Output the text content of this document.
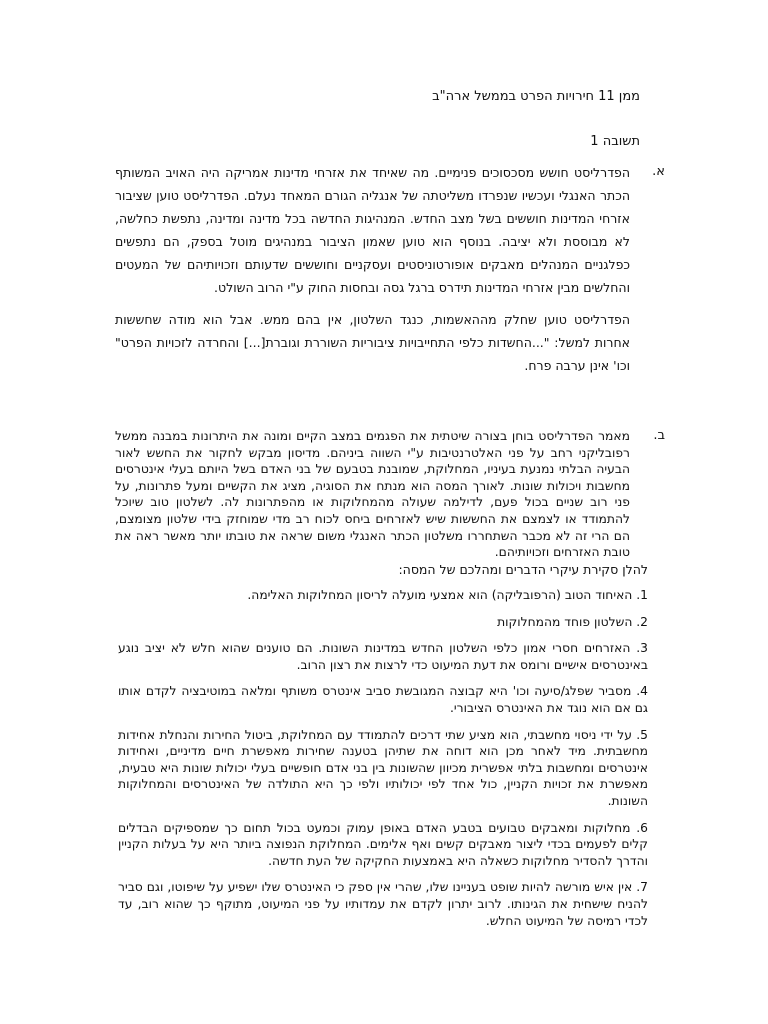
ממן 11 חירויות הפרט בממשל ארה"ב
תשובה 1
א.

הפדרליסט חושש מסכסוכים פנימיים. מה שאיחד את אזרחי מדינות אמריקה היה האויב המשותף הכתר האנגלי ועכשיו שנפרדו משליטתה של אנגליה הגורם המאחד נעלם. הפדרליסט טוען שציבור אזרחי המדינות חוששים בשל מצב החדש. המנהיגות החדשה בכל מדינה ומדינה, נתפשת כחלשה, לא מבוססת ולא יציבה. בנוסף הוא טוען שאמון הציבור במנהיגים מוטל בספק, הם נתפשים כפלגניים המנהלים מאבקים אופורטוניסטים ועסקניים וחוששים שדעותם וזכויותיהם של המעטים והחלשים מבין אזרחי המדינות תידרס ברגל גסה ובחסות החוק ע"י הרוב השולט.

הפדרליסט טוען שחלק מההאשמות, כנגד השלטון, אין בהם ממש. אבל הוא מודה שחששות אחרות למשל: "...החשדות כלפי התחייבויות ציבוריות השוררת וגוברת[...] והחרדה לזכויות הפרט" וכו' אינן ערבה פרח.

ב.

מאמר הפדרליסט בוחן בצורה שיטתית את הפגמים במצב הקיים ומונה את היתרונות במבנה ממשל רפובליקני רחב על פני האלטרנטיבות ע"י השווה ביניהם. מדיסון מבקש לחקור את החשש לאור הבעיה הבלתי נמנעת בעיניו, המחלוקת, שמובנת בטבעם של בני האדם בשל היותם בעלי אינטרסים מחשבות ויכולות שונות. לאורך המסה הוא מנתח את הסוגיה, מציג את הקשיים ומעל פתרונות, על פני רוב שניים בכול פעם, לדילמה שעולה מהמחלוקות או מהפתרונות לה. לשלטון טוב שיוכל להתמודד או לצמצם את החששות שיש לאזרחים ביחס לכוח רב מדי שמוחזק בידי שלטון מצומצם, הם הרי זה לא מכבר השתחררו משלטון הכתר האנגלי משום שראה את טובתו יותר מאשר ראה את טובת האזרחים וזכויותיהם.

להלן סקירת עיקרי הדברים ומהלכם של המסה:

1. האיחוד הטוב (הרפובליקה) הוא אמצעי מועלה לריסון המחלוקות האלימה.

2. השלטון פוחד מהמחלוקות

3. האזרחים חסרי אמון כלפי השלטון החדש במדינות השונות. הם טוענים שהוא חלש לא יציב נוגע באינטרסים אישיים ורומס את דעת המיעוט כדי לרצות את רצון הרוב.

4. מסביר שפלג/סיעה וכו' היא קבוצה המגובשת סביב אינטרס משותף ומלאה במוטיבציה לקדם אותו גם אם הוא נוגד את האינטרס הציבורי.

5. על ידי ניסוי מחשבתי, הוא מציע שתי דרכים להתמודד עם המחלוקת, ביטול החירות והנחלת אחידות מחשבתית. מיד לאחר מכן הוא דוחה את שתיהן בטענה שחירות מאפשרת חיים מדיניים, ואחידות אינטרסים ומחשבות בלתי אפשרית מכיוון שהשונות בין בני אדם חופשיים בעלי יכולות שונות היא טבעית, מאפשרת את זכויות הקניין, כול אחד לפי יכולותיו ולפי כך היא התולדה של האינטרסים והמחלוקות השונות.

6. מחלוקות ומאבקים טבועים בטבע האדם באופן עמוק וכמעט בכול תחום כך שמספיקים הבדלים קלים לפעמים בכדי ליצור מאבקים קשים ואף אלימים. המחלוקת הנפוצה ביותר היא על בעלות הקניין והדרך להסדיר מחלוקות כשאלה היא באמצעות החקיקה של העת חדשה.

7. אין איש מורשה להיות שופט בעניינו שלו, שהרי אין ספק כי האינטרס שלו ישפיע על שיפוטו, וגם סביר להניח שישחית את הגינותו. לרוב יתרון לקדם את עמדותיו על פני המיעוט, מתוקף כך שהוא רוב, עד לכדי רמיסה של המיעוט החלש.
